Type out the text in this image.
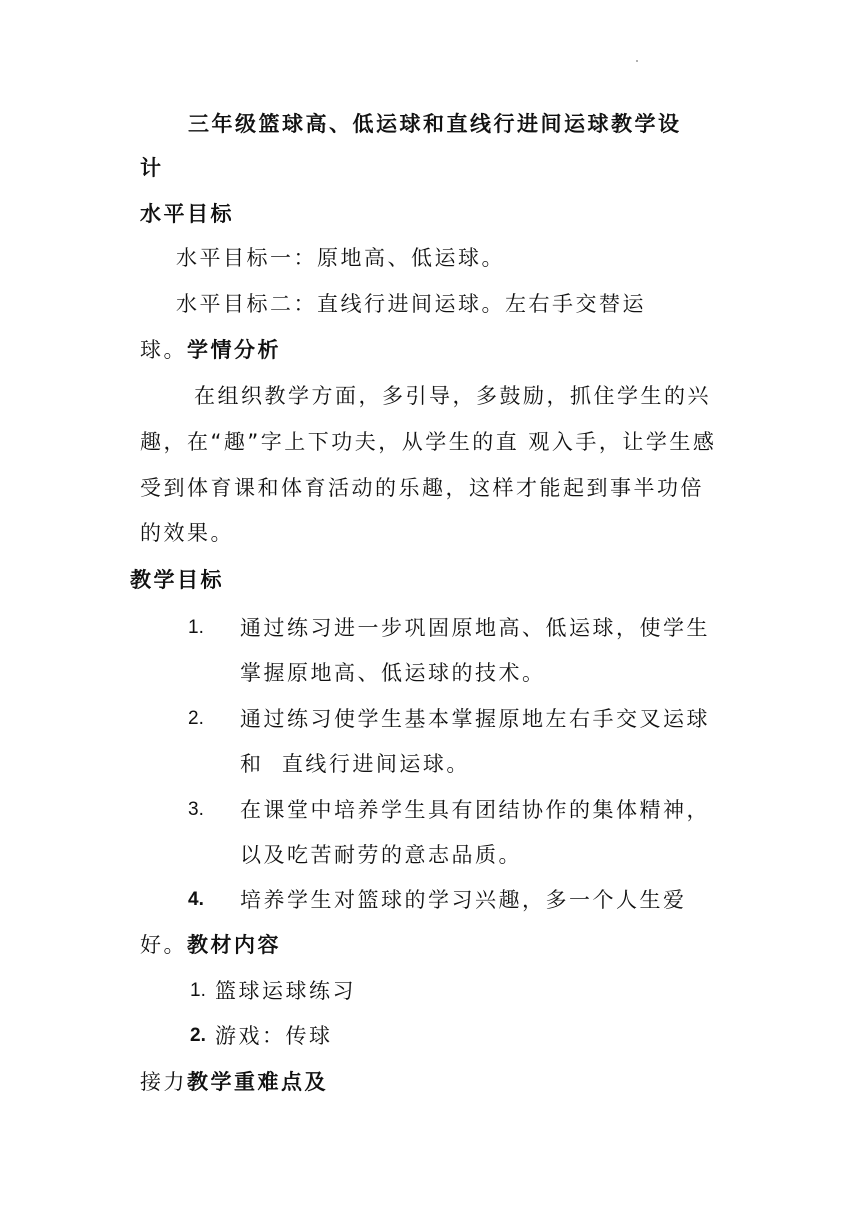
三年级篮球高、低运球和直线行进间运球教学设
计
水平目标
水平目标一：原地高、低运球。
水平目标二：直线行进间运球。左右手交替运
球。学情分析
在组织教学方面，多引导，多鼓励，抓住学生的兴
趣，在“趣”字上下功夫，从学生的直 观入手，让学生感
受到体育课和体育活动的乐趣，这样才能起到事半功倍
的效果。
教学目标
1. 通过练习进一步巩固原地高、低运球，使学生
掌握原地高、低运球的技术。
2. 通过练习使学生基本掌握原地左右手交叉运球
和  直线行进间运球。
3. 在课堂中培养学生具有团结协作的集体精神，
以及吃苦耐劳的意志品质。
4. 培养学生对篮球的学习兴趣，多一个人生爱
好。教材内容
1. 篮球运球练习
2. 游戏：传球
接力教学重难点及
